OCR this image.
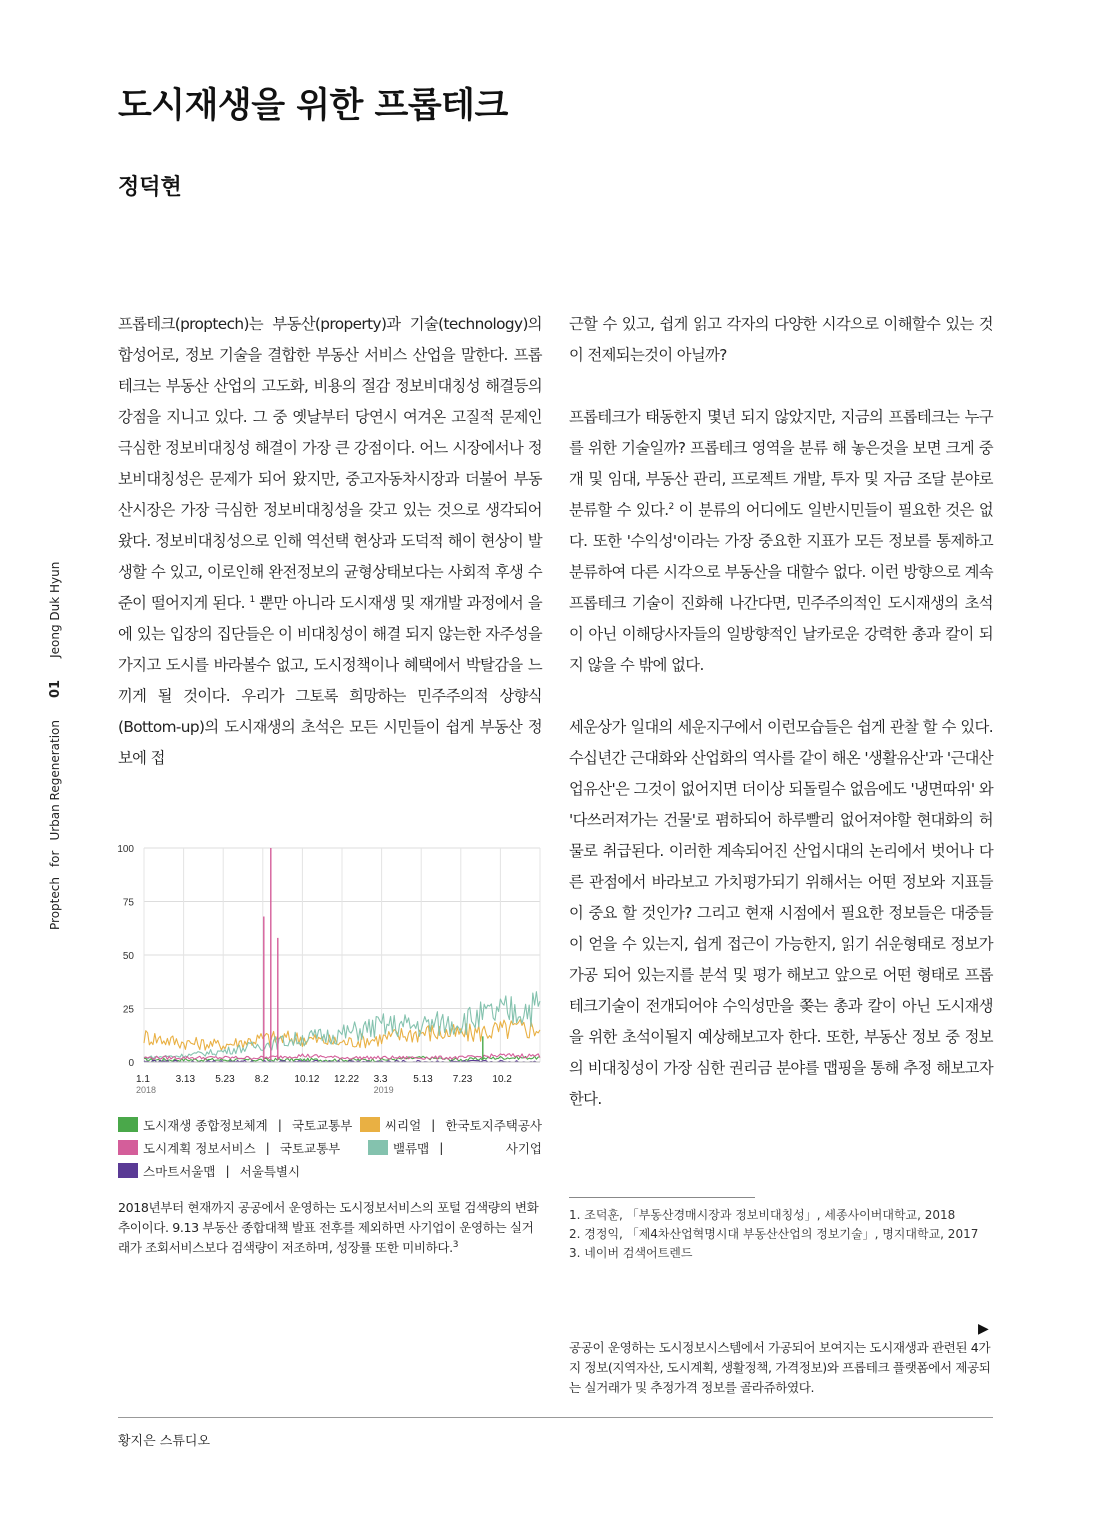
도시재생을 위한 프롭테크
정덕현
ProptechforUrban Regeneration01Jeong Duk Hyun

프롭테크(proptech)는 부동산(property)과 기술(technology)의 합성어로, 정보 기술을 결합한 부동산 서비스 산업을 말한다. 프롭테크는 부동산 산업의 고도화, 비용의 절감 정보비대칭성 해결등의 강점을 지니고 있다. 그 중 옛날부터 당연시 여겨온 고질적 문제인 극심한 정보비대칭성 해결이 가장 큰 강점이다. 어느 시장에서나 정보비대칭성은 문제가 되어 왔지만, 중고자동차시장과 더불어 부동산시장은 가장 극심한 정보비대칭성을 갖고 있는 것으로 생각되어 왔다. 정보비대칭성으로 인해 역선택 현상과 도덕적 해이 현상이 발생할 수 있고, 이로인해 완전정보의 균형상태보다는 사회적 후생 수준이 떨어지게 된다. $^1$ 뿐만 아니라 도시재생 및 재개발 과정에서 을에 있는 입장의 집단들은 이 비대칭성이 해결 되지 않는한 자주성을 가지고 도시를 바라볼수 없고, 도시정책이나 혜택에서 박탈감을 느끼게 될 것이다. 우리가 그토록 희망하는 민주주의적 상향식(Bottom-up)의 도시재생의 초석은 모든 시민들이 쉽게 부동산 정보에 접

근할 수 있고, 쉽게 읽고 각자의 다양한 시각으로 이해할수 있는 것이 전제되는것이 아닐까?

프롭테크가 태동한지 몇년 되지 않았지만, 지금의 프롭테크는 누구를 위한 기술일까? 프롭테크 영역을 분류 해 놓은것을 보면 크게 중개 및 임대, 부동산 관리, 프로젝트 개발, 투자 및 자금 조달 분야로 분류할 수 있다.$^2$ 이 분류의 어디에도 일반시민들이 필요한 것은 없다. 또한 '수익성'이라는 가장 중요한 지표가 모든 정보를 통제하고 분류하여 다른 시각으로 부동산을 대할수 없다. 이런 방향으로 계속 프롭테크 기술이 진화해 나간다면, 민주주의적인 도시재생의 초석이 아닌 이해당사자들의 일방향적인 날카로운 강력한 총과 칼이 되지 않을 수 밖에 없다.

세운상가 일대의 세운지구에서 이런모습들은 쉽게 관찰 할 수 있다. 수십년간 근대화와 산업화의 역사를 같이 해온 '생활유산'과 '근대산업유산'은 그것이 없어지면 더이상 되돌릴수 없음에도 '냉면따위' 와 '다쓰러져가는 건물'로 폄하되어 하루빨리 없어져야할 현대화의 허물로 취급된다. 이러한 계속되어진 산업시대의 논리에서 벗어나 다른 관점에서 바라보고 가치평가되기 위해서는 어떤 정보와 지표들이 중요 할 것인가? 그리고 현재 시점에서 필요한 정보들은 대중들이 얻을 수 있는지, 쉽게 접근이 가능한지, 읽기 쉬운형태로 정보가 가공 되어 있는지를 분석 및 평가 해보고 앞으로 어떤 형태로 프롭테크기술이 전개되어야 수익성만을 쫒는 총과 칼이 아닌 도시재생을 위한 초석이될지 예상해보고자 한다. 또한, 부동산 정보 중 정보의 비대칭성이 가장 심한 권리금 분야를 맵핑을 통해 추정 해보고자 한다.

0
25
50
75
100
1.1	3.13 5.23 8.2	10.12 12.22 3.3	5.13 7.23 10.2
2018	2019
도시재생 종합정보체계 | 국토교통부	씨리얼 | 한국토지주택공사
도시계획 정보서비스 | 국토교통부	밸류맵 |	사기업
스마트서울맵 | 서울특별시

2018년부터 현재까지 공공에서 운영하는 도시정보서비스의 포털 검색량의 변화추이이다. 9.13 부동산 종합대책 발표 전후를 제외하면 사기업이 운영하는 실거래가 조회서비스보다 검색량이 저조하며, 성장률 또한 미비하다.$^3$

1. 조덕훈, 「부동산경매시장과 정보비대칭성」, 세종사이버대학교, 2018
2. 경정익, 「제4차산업혁명시대 부동산산업의 정보기술」, 명지대학교, 2017
3. 네이버 검색어트렌드
▶

공공이 운영하는 도시정보시스템에서 가공되어 보여지는 도시재생과 관련된 4가지 정보(지역자산, 도시계획, 생활정책, 가격정보)와 프롭테크 플랫폼에서 제공되는 실거래가 및 추정가격 정보를 골라쥬하였다.

황지은 스튜디오
